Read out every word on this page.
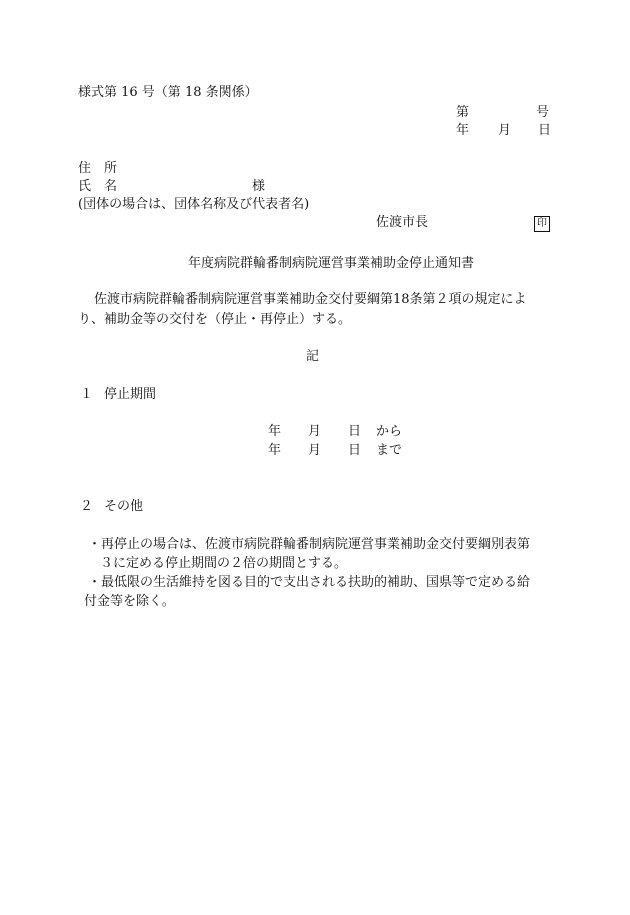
様式第 16 号（第 18 条関係）
第	号
年 月 日
住　所
氏　名	様
(団体の場合は、団体名称及び代表者名)
佐渡市長	印
年度病院群輪番制病院運営事業補助金停止通知書
佐渡市病院群輪番制病院運営事業補助金交付要綱第18条第２項の規定によ
り、補助金等の交付を（停止・再停止）する。
記
１ 停止期間
年 月 日 から
年 月 日 まで
２ その他
・再停止の場合は、佐渡市病院群輪番制病院運営事業補助金交付要綱別表第
３に定める停止期間の２倍の期間とする。
・最低限の生活維持を図る目的で支出される扶助的補助、国県等で定める給
付金等を除く。
